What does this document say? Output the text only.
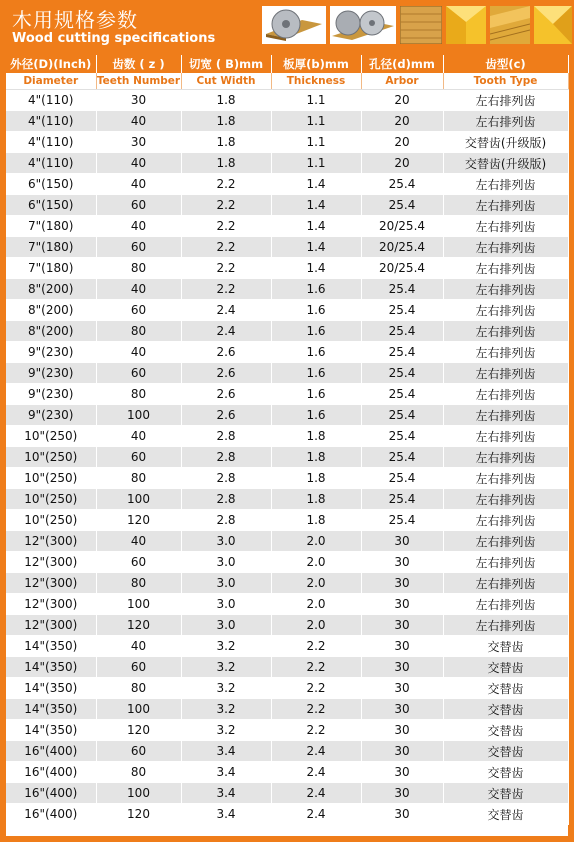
木用规格参数
Wood cutting specifications
外径(D)(Inch)	齿数 ( z )	切宽 ( B)mm	板厚(b)mm	孔径(d)mm	齿型(c)
Diameter	Teeth Number	Cut Width	Thickness	Arbor	Tooth Type
4"(110)	30	1.8	1.1	20	左右排列齿
4"(110)	40	1.8	1.1	20	左右排列齿
4"(110)	30	1.8	1.1	20	交替齿(升级版)
4"(110)	40	1.8	1.1	20	交替齿(升级版)
6"(150)	40	2.2	1.4	25.4	左右排列齿
6"(150)	60	2.2	1.4	25.4	左右排列齿
7"(180)	40	2.2	1.4	20/25.4	左右排列齿
7"(180)	60	2.2	1.4	20/25.4	左右排列齿
7"(180)	80	2.2	1.4	20/25.4	左右排列齿
8"(200)	40	2.2	1.6	25.4	左右排列齿
8"(200)	60	2.4	1.6	25.4	左右排列齿
8"(200)	80	2.4	1.6	25.4	左右排列齿
9"(230)	40	2.6	1.6	25.4	左右排列齿
9"(230)	60	2.6	1.6	25.4	左右排列齿
9"(230)	80	2.6	1.6	25.4	左右排列齿
9"(230)	100	2.6	1.6	25.4	左右排列齿
10"(250)	40	2.8	1.8	25.4	左右排列齿
10"(250)	60	2.8	1.8	25.4	左右排列齿
10"(250)	80	2.8	1.8	25.4	左右排列齿
10"(250)	100	2.8	1.8	25.4	左右排列齿
10"(250)	120	2.8	1.8	25.4	左右排列齿
12"(300)	40	3.0	2.0	30	左右排列齿
12"(300)	60	3.0	2.0	30	左右排列齿
12"(300)	80	3.0	2.0	30	左右排列齿
12"(300)	100	3.0	2.0	30	左右排列齿
12"(300)	120	3.0	2.0	30	左右排列齿
14"(350)	40	3.2	2.2	30	交替齿
14"(350)	60	3.2	2.2	30	交替齿
14"(350)	80	3.2	2.2	30	交替齿
14"(350)	100	3.2	2.2	30	交替齿
14"(350)	120	3.2	2.2	30	交替齿
16"(400)	60	3.4	2.4	30	交替齿
16"(400)	80	3.4	2.4	30	交替齿
16"(400)	100	3.4	2.4	30	交替齿
16"(400)	120	3.4	2.4	30	交替齿
